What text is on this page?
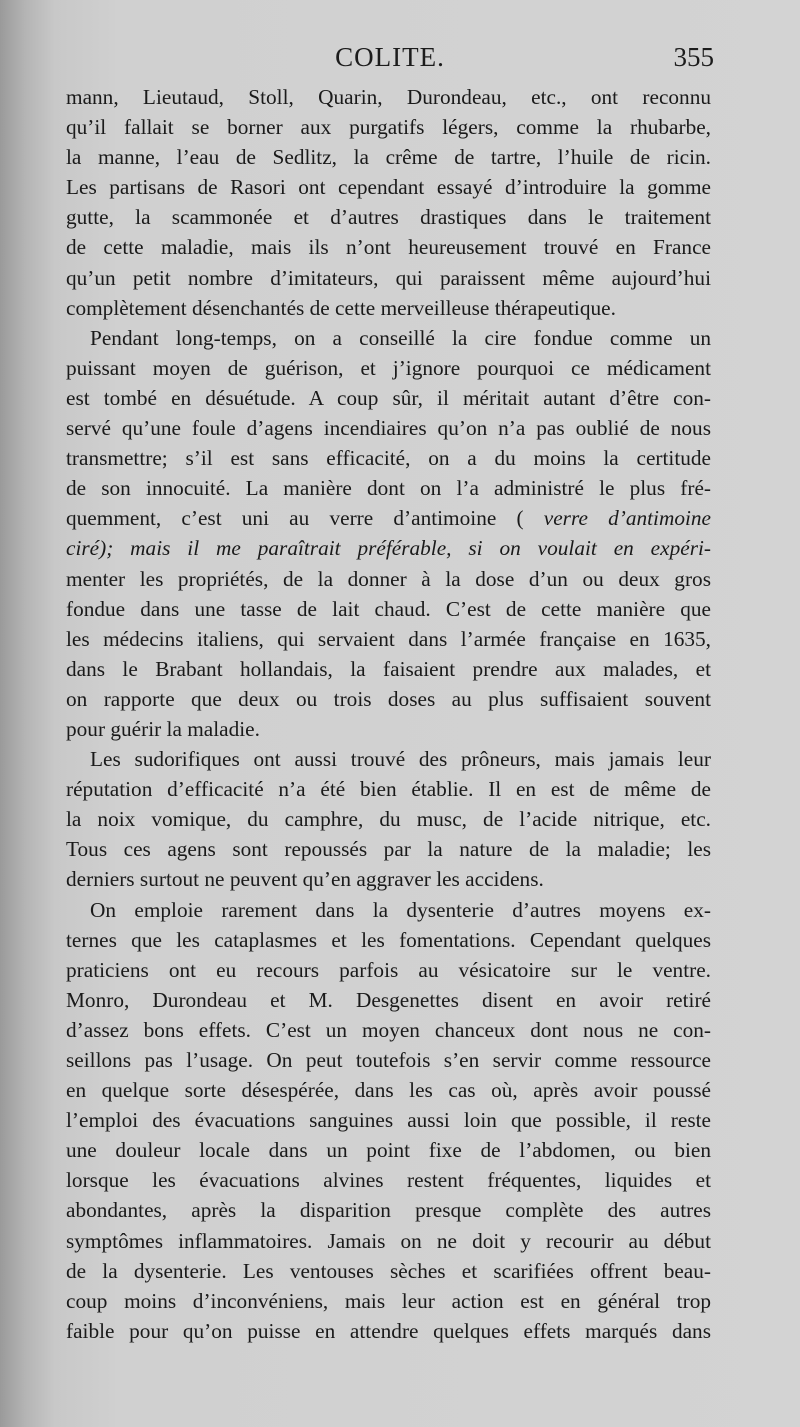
COLITE.	355
mann, Lieutaud, Stoll, Quarin, Durondeau, etc., ont reconnu
qu’il fallait se borner aux purgatifs légers, comme la rhubarbe,
la manne, l’eau de Sedlitz, la crême de tartre, l’huile de ricin.
Les partisans de Rasori ont cependant essayé d’introduire la gomme
gutte, la scammonée et d’autres drastiques dans le traitement
de cette maladie, mais ils n’ont heureusement trouvé en France
qu’un petit nombre d’imitateurs, qui paraissent même aujourd’hui
complètement désenchantés de cette merveilleuse thérapeutique.
Pendant long-temps, on a conseillé la cire fondue comme un
puissant moyen de guérison, et j’ignore pourquoi ce médicament
est tombé en désuétude. A coup sûr, il méritait autant d’être con-
servé qu’une foule d’agens incendiaires qu’on n’a pas oublié de nous
transmettre; s’il est sans efficacité, on a du moins la certitude
de son innocuité. La manière dont on l’a administré le plus fré-
quemment, c’est uni au verre d’antimoine ( verre d’antimoine
ciré); mais il me paraîtrait préférable, si on voulait en expéri-
menter les propriétés, de la donner à la dose d’un ou deux gros
fondue dans une tasse de lait chaud. C’est de cette manière que
les médecins italiens, qui servaient dans l’armée française en 1635,
dans le Brabant hollandais, la faisaient prendre aux malades, et
on rapporte que deux ou trois doses au plus suffisaient souvent
pour guérir la maladie.
Les sudorifiques ont aussi trouvé des prôneurs, mais jamais leur
réputation d’efficacité n’a été bien établie. Il en est de même de
la noix vomique, du camphre, du musc, de l’acide nitrique, etc.
Tous ces agens sont repoussés par la nature de la maladie; les
derniers surtout ne peuvent qu’en aggraver les accidens.
On emploie rarement dans la dysenterie d’autres moyens ex-
ternes que les cataplasmes et les fomentations. Cependant quelques
praticiens ont eu recours parfois au vésicatoire sur le ventre.
Monro, Durondeau et M. Desgenettes disent en avoir retiré
d’assez bons effets. C’est un moyen chanceux dont nous ne con-
seillons pas l’usage. On peut toutefois s’en servir comme ressource
en quelque sorte désespérée, dans les cas où, après avoir poussé
l’emploi des évacuations sanguines aussi loin que possible, il reste
une douleur locale dans un point fixe de l’abdomen, ou bien
lorsque les évacuations alvines restent fréquentes, liquides et
abondantes, après la disparition presque complète des autres
symptômes inflammatoires. Jamais on ne doit y recourir au début
de la dysenterie. Les ventouses sèches et scarifiées offrent beau-
coup moins d’inconvéniens, mais leur action est en général trop
faible pour qu’on puisse en attendre quelques effets marqués dans
